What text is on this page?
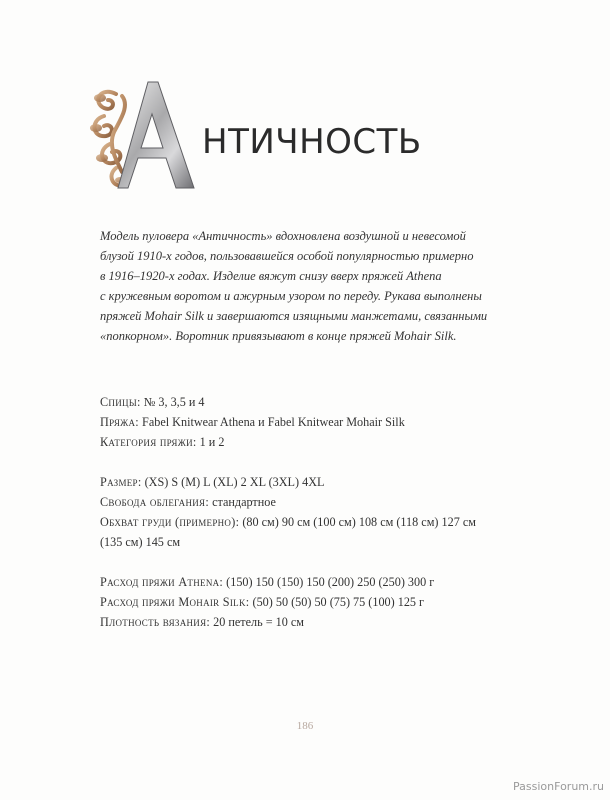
А НТИЧНОСТЬ

Модель пуловера «Античность» вдохновлена воздушной и невесомой

блузой 1910-х годов, пользовавшейся особой популярностью примерно

в 1916–1920-х годах. Изделие вяжут снизу вверх пряжей Athena

с кружевным воротом и ажурным узором по переду. Рукава выполнены

пряжей Mohair Silk и завершаются изящными манжетами, связанными

«попкорном». Воротник привязывают в конце пряжей Mohair Silk.

Спицы: № 3, 3,5 и 4
Пряжа: Fabel Knitwear Athena и Fabel Knitwear Mohair Silk
Категория пряжи: 1 и 2
Размер: (XS) S (M) L (XL) 2 XL (3XL) 4XL
Свобода облегания: стандартное
Обхват груди (примерно): (80 см) 90 см (100 см) 108 см (118 см) 127 см
(135 см) 145 см
Расход пряжи Athena: (150) 150 (150) 150 (200) 250 (250) 300 г
Расход пряжи Mohair Silk: (50) 50 (50) 50 (75) 75 (100) 125 г
Плотность вязания: 20 петель = 10 см
186
PassionForum.ru
